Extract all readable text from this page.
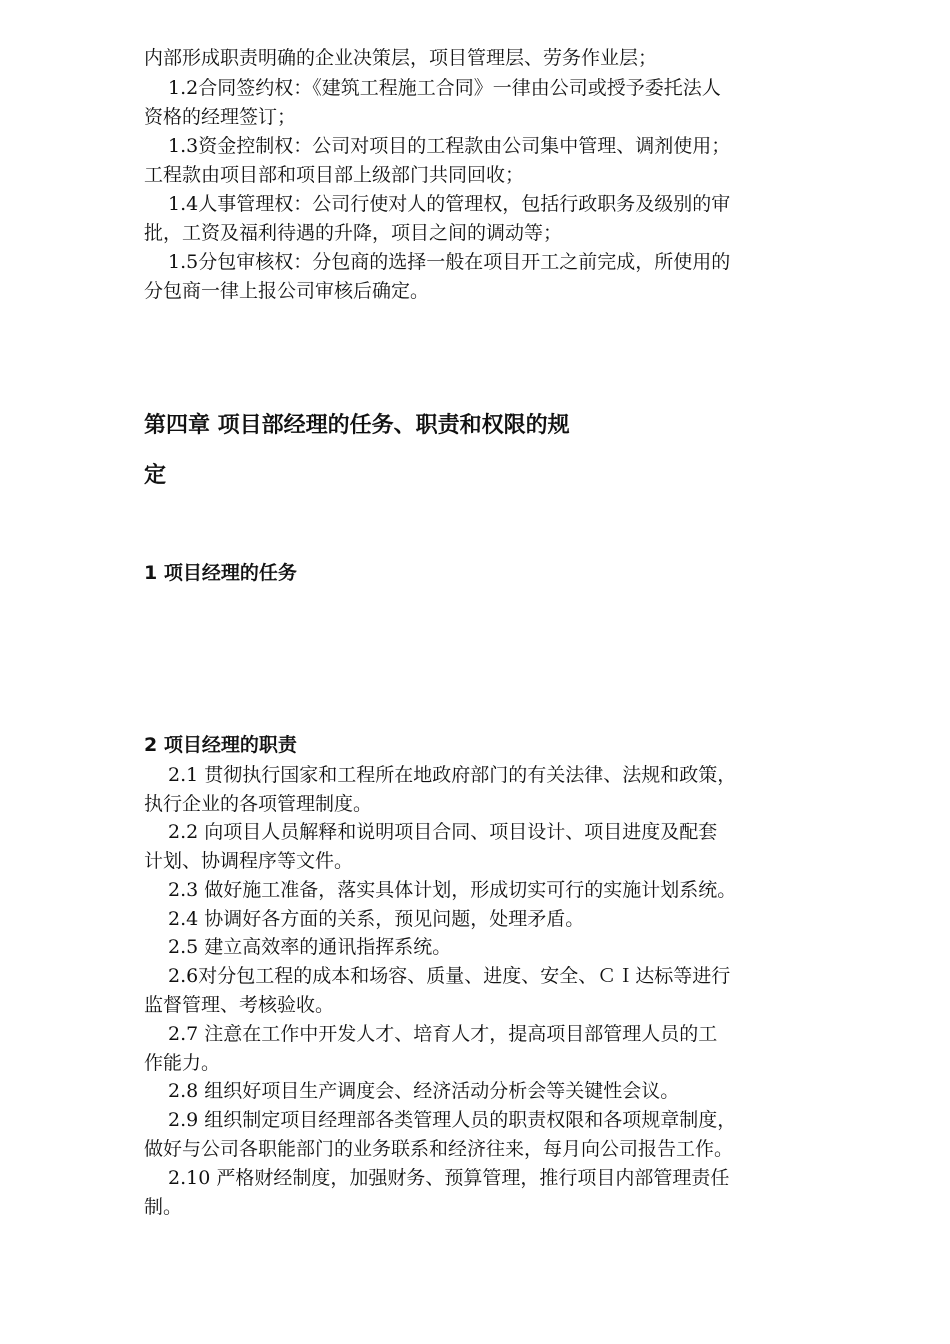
内部形成职责明确的企业决策层，项目管理层、劳务作业层；
1.2合同签约权：《建筑工程施工合同》一律由公司或授予委托法人
资格的经理签订；
1.3资金控制权：公司对项目的工程款由公司集中管理、调剂使用；
工程款由项目部和项目部上级部门共同回收；
1.4人事管理权：公司行使对人的管理权，包括行政职务及级别的审
批，工资及福利待遇的升降，项目之间的调动等；
1.5分包审核权：分包商的选择一般在项目开工之前完成，所使用的
分包商一律上报公司审核后确定。
第四章 项目部经理的任务、职责和权限的规
定
1 项目经理的任务
2 项目经理的职责
2.1 贯彻执行国家和工程所在地政府部门的有关法律、法规和政策，
执行企业的各项管理制度。
2.2 向项目人员解释和说明项目合同、项目设计、项目进度及配套
计划、协调程序等文件。
2.3 做好施工准备，落实具体计划，形成切实可行的实施计划系统。
2.4 协调好各方面的关系，预见问题，处理矛盾。
2.5 建立高效率的通讯指挥系统。
2.6对分包工程的成本和场容、质量、进度、安全、ＣＩ达标等进行
监督管理、考核验收。
2.7 注意在工作中开发人才、培育人才，提高项目部管理人员的工
作能力。
2.8 组织好项目生产调度会、经济活动分析会等关键性会议。
2.9 组织制定项目经理部各类管理人员的职责权限和各项规章制度，
做好与公司各职能部门的业务联系和经济往来，每月向公司报告工作。
2.10 严格财经制度，加强财务、预算管理，推行项目内部管理责任
制。
